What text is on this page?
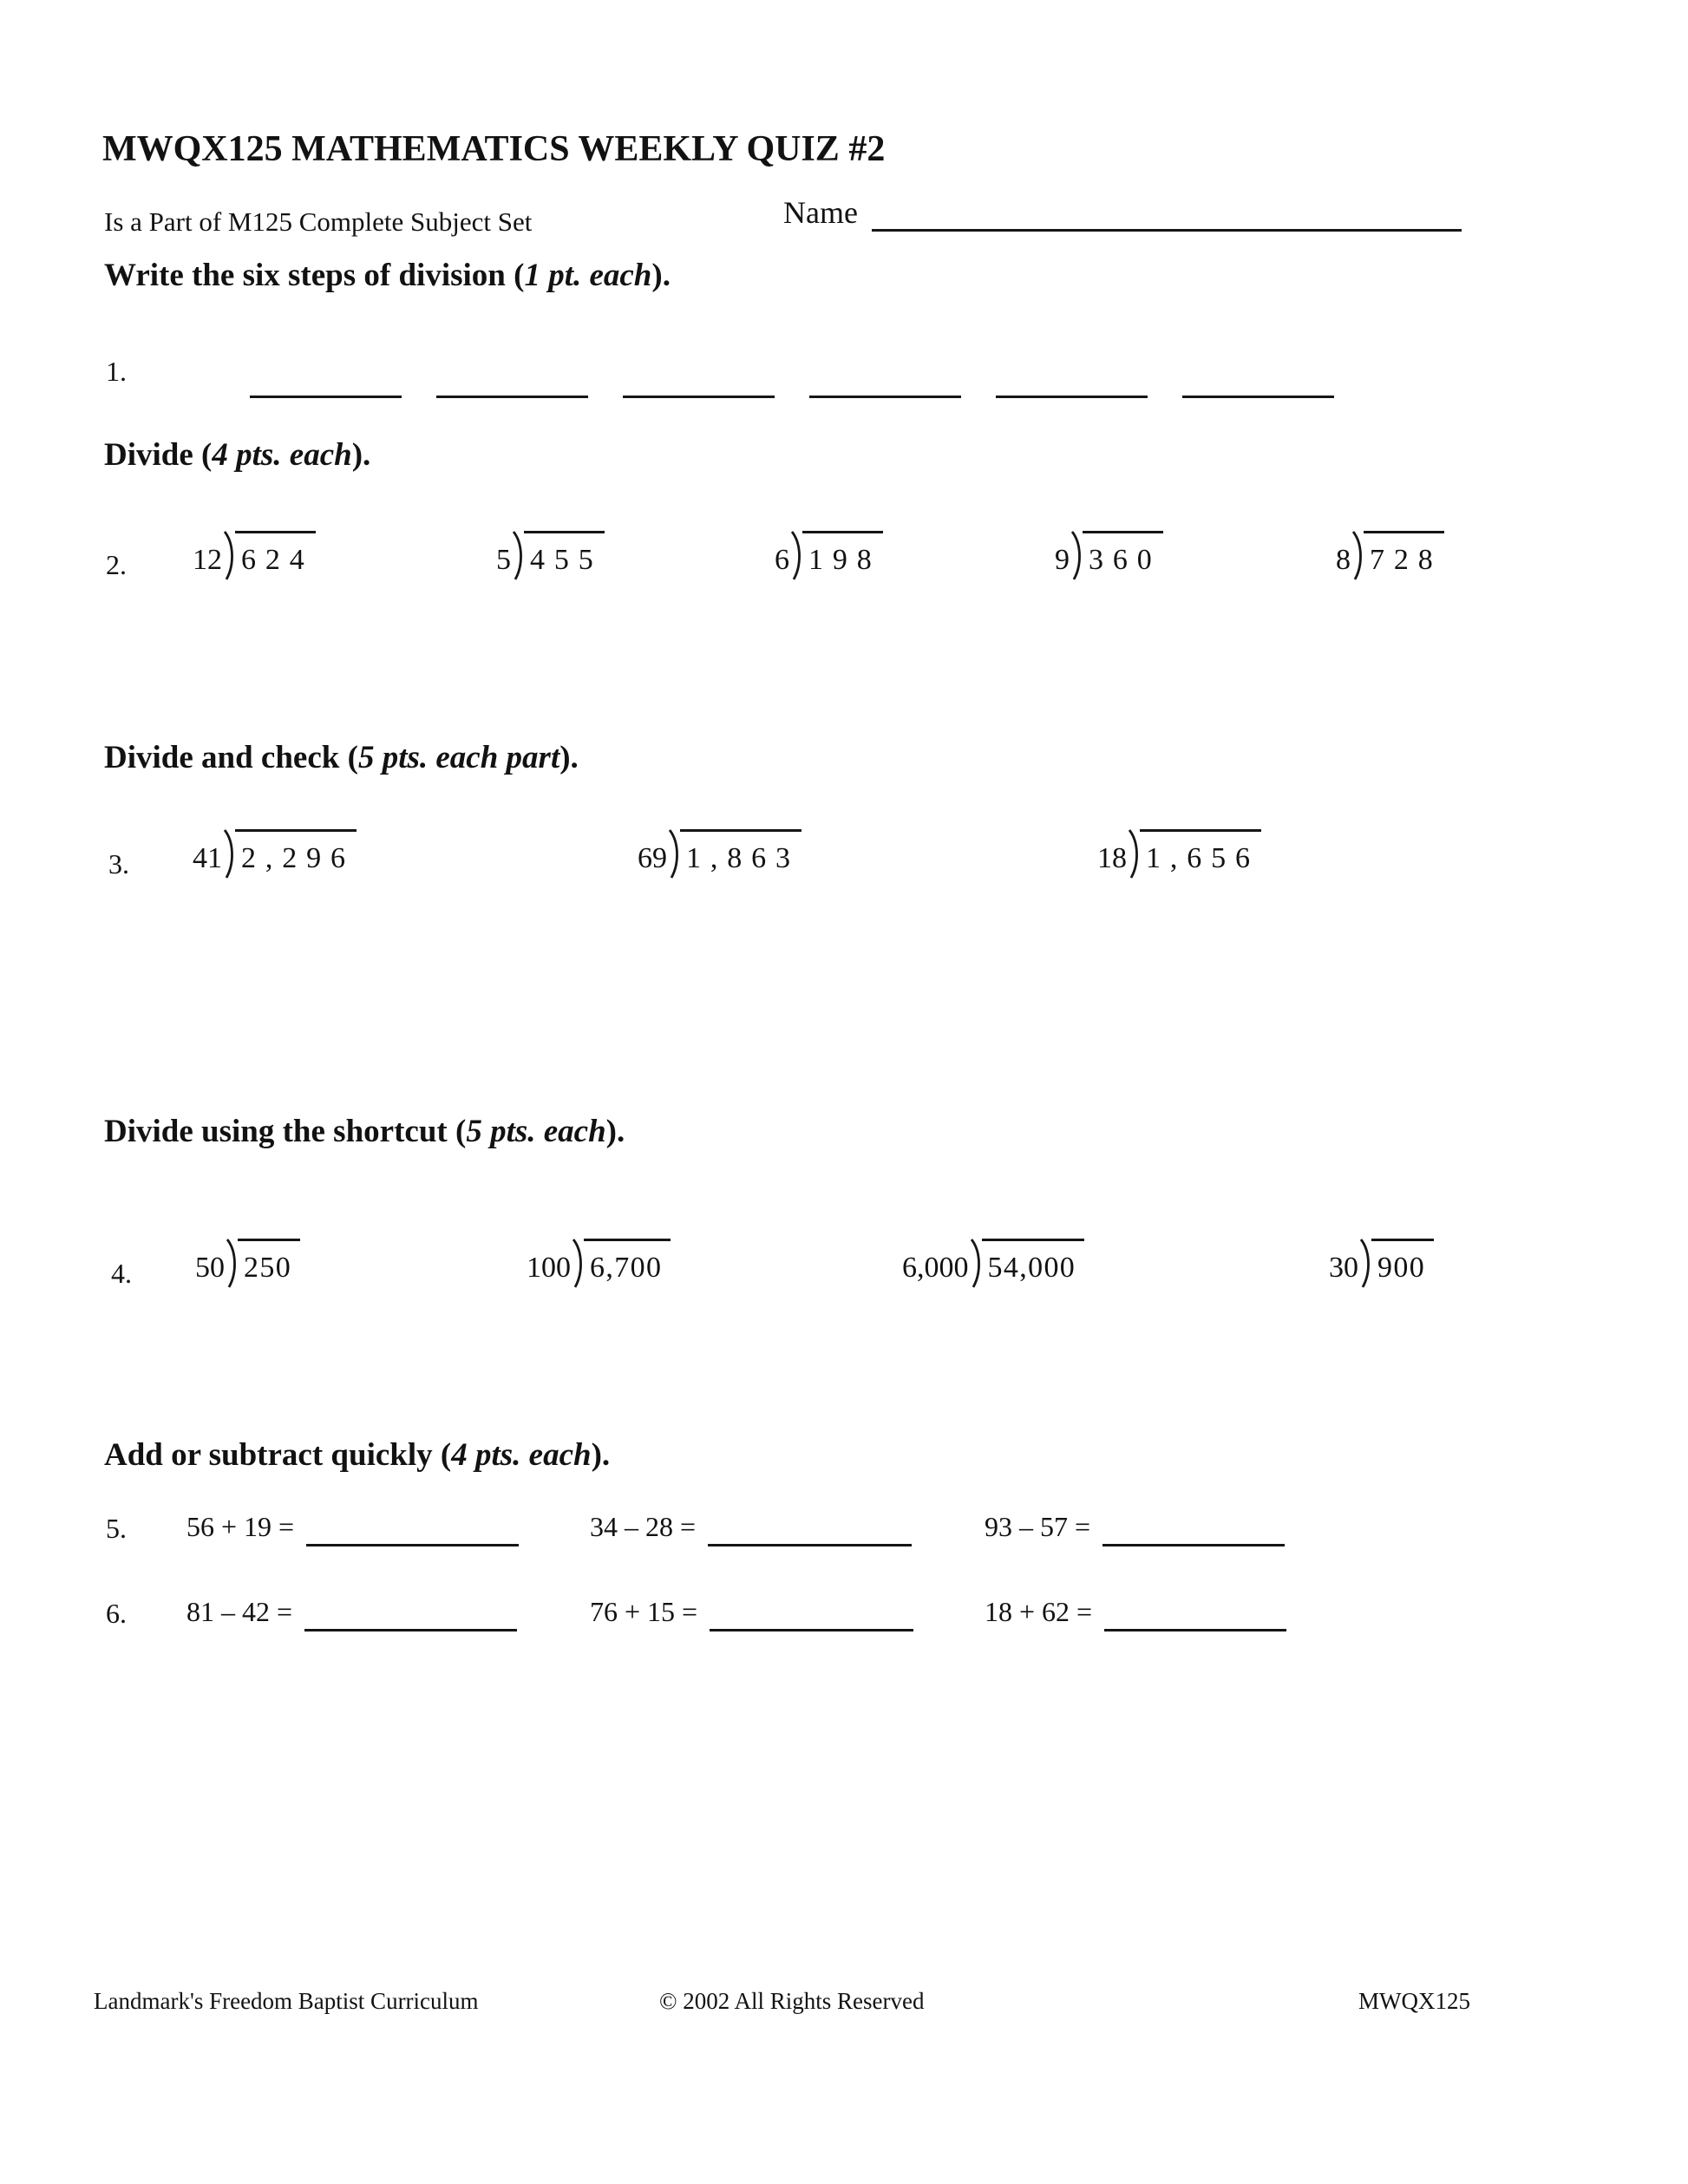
MWQX125 MATHEMATICS WEEKLY QUIZ #2
Is a Part of M125 Complete Subject Set	Name
Write the six steps of division (1 pt. each).
1.
Divide (4 pts. each).
2. 12 624	5 455	6 198	9 360	8 728
Divide and check (5 pts. each part).
3. 41 2,296	69 1,863	18 1,656
Divide using the shortcut (5 pts. each).
4. 50 250	100 6,700	6,000 54,000	30 900
Add or subtract quickly (4 pts. each).
5. 56 + 19 =	34 – 28 =	93 – 57 =
6. 81 – 42 =	76 + 15 =	18 + 62 =
Landmark's Freedom Baptist Curriculum	© 2002 All Rights Reserved	MWQX125
